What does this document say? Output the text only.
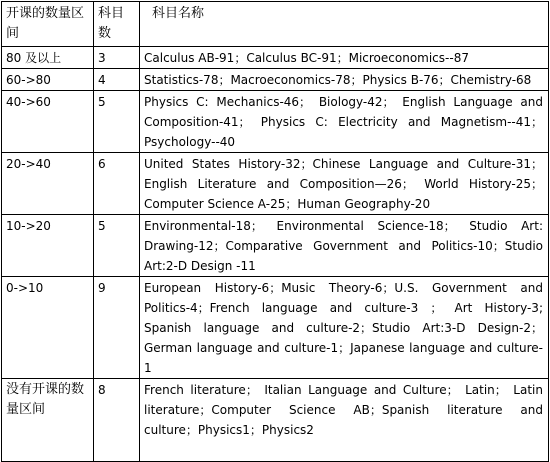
开课的数量区间	科目数	科目名称
80 及以上	3	Calculus AB-91；Calculus BC-91；Microeconomics--87
60->80	4	Statistics-78；Macroeconomics-78；Physics B-76；Chemistry-68
40->60	5	Physics C: Mechanics-46； Biology-42； English Language and Composition-41； Physics C: Electricity and Magnetism--41； Psychology--40
20->40	6	United States History-32；Chinese Language and Culture-31；English Literature and Composition—26； World History-25； Computer Science A-25；Human Geography-20
10->20	5	Environmental-18； Environmental Science-18； Studio Art: Drawing-12；Comparative Government and Politics-10；Studio Art:2-D Design -11
0->10	9	European History-6；Music Theory-6；U.S. Government and Politics-4；French language and culture-3 ； Art History-3; Spanish language and culture-2；Studio Art:3-D Design-2；German language and culture-1；Japanese language and culture- 1
没有开课的数量区间	8	French literature； Italian Language and Culture； Latin； Latin literature；Computer Science AB；Spanish literature and culture；Physics1；Physics2
